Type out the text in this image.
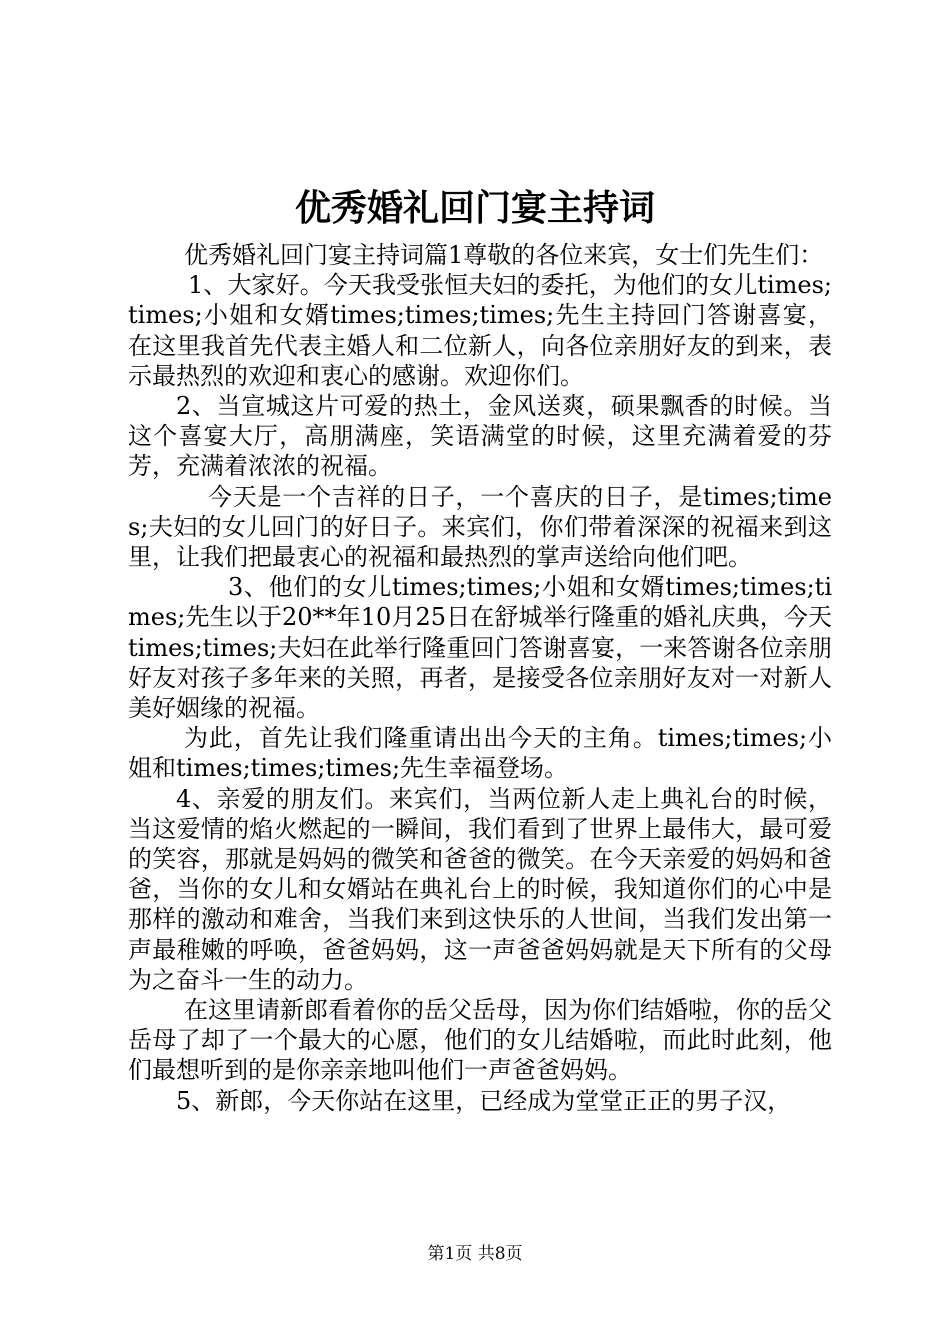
优秀婚礼回门宴主持词

优秀婚礼回门宴主持词篇1尊敬的各位来宾，女士们先生们：

1、大家好。今天我受张恒夫妇的委托，为他们的女儿times;times;小姐和女婿times;times;times;先生主持回门答谢喜宴，在这里我首先代表主婚人和二位新人，向各位亲朋好友的到来，表示最热烈的欢迎和衷心的感谢。欢迎你们。

2、当宣城这片可爱的热土，金风送爽，硕果飘香的时候。当这个喜宴大厅，高朋满座，笑语满堂的时候，这里充满着爱的芬芳，充满着浓浓的祝福。

今天是一个吉祥的日子，一个喜庆的日子，是times;times;夫妇的女儿回门的好日子。来宾们，你们带着深深的祝福来到这里，让我们把最衷心的祝福和最热烈的掌声送给向他们吧。

3、他们的女儿times;times;小姐和女婿times;times;times;先生以于20**年10月25日在舒城举行隆重的婚礼庆典，今天times;times;夫妇在此举行隆重回门答谢喜宴，一来答谢各位亲朋好友对孩子多年来的关照，再者，是接受各位亲朋好友对一对新人美好姻缘的祝福。

为此，首先让我们隆重请出出今天的主角。times;times;小姐和times;times;times;先生幸福登场。

4、亲爱的朋友们。来宾们，当两位新人走上典礼台的时候，当这爱情的焰火燃起的一瞬间，我们看到了世界上最伟大，最可爱的笑容，那就是妈妈的微笑和爸爸的微笑。在今天亲爱的妈妈和爸爸，当你的女儿和女婿站在典礼台上的时候，我知道你们的心中是那样的激动和难舍，当我们来到这快乐的人世间，当我们发出第一声最稚嫩的呼唤，爸爸妈妈，这一声爸爸妈妈就是天下所有的父母为之奋斗一生的动力。

在这里请新郎看着你的岳父岳母，因为你们结婚啦，你的岳父岳母了却了一个最大的心愿，他们的女儿结婚啦，而此时此刻，他们最想听到的是你亲亲地叫他们一声爸爸妈妈。

5、新郎，今天你站在这里，已经成为堂堂正正的男子汉，

第1页 共8页
